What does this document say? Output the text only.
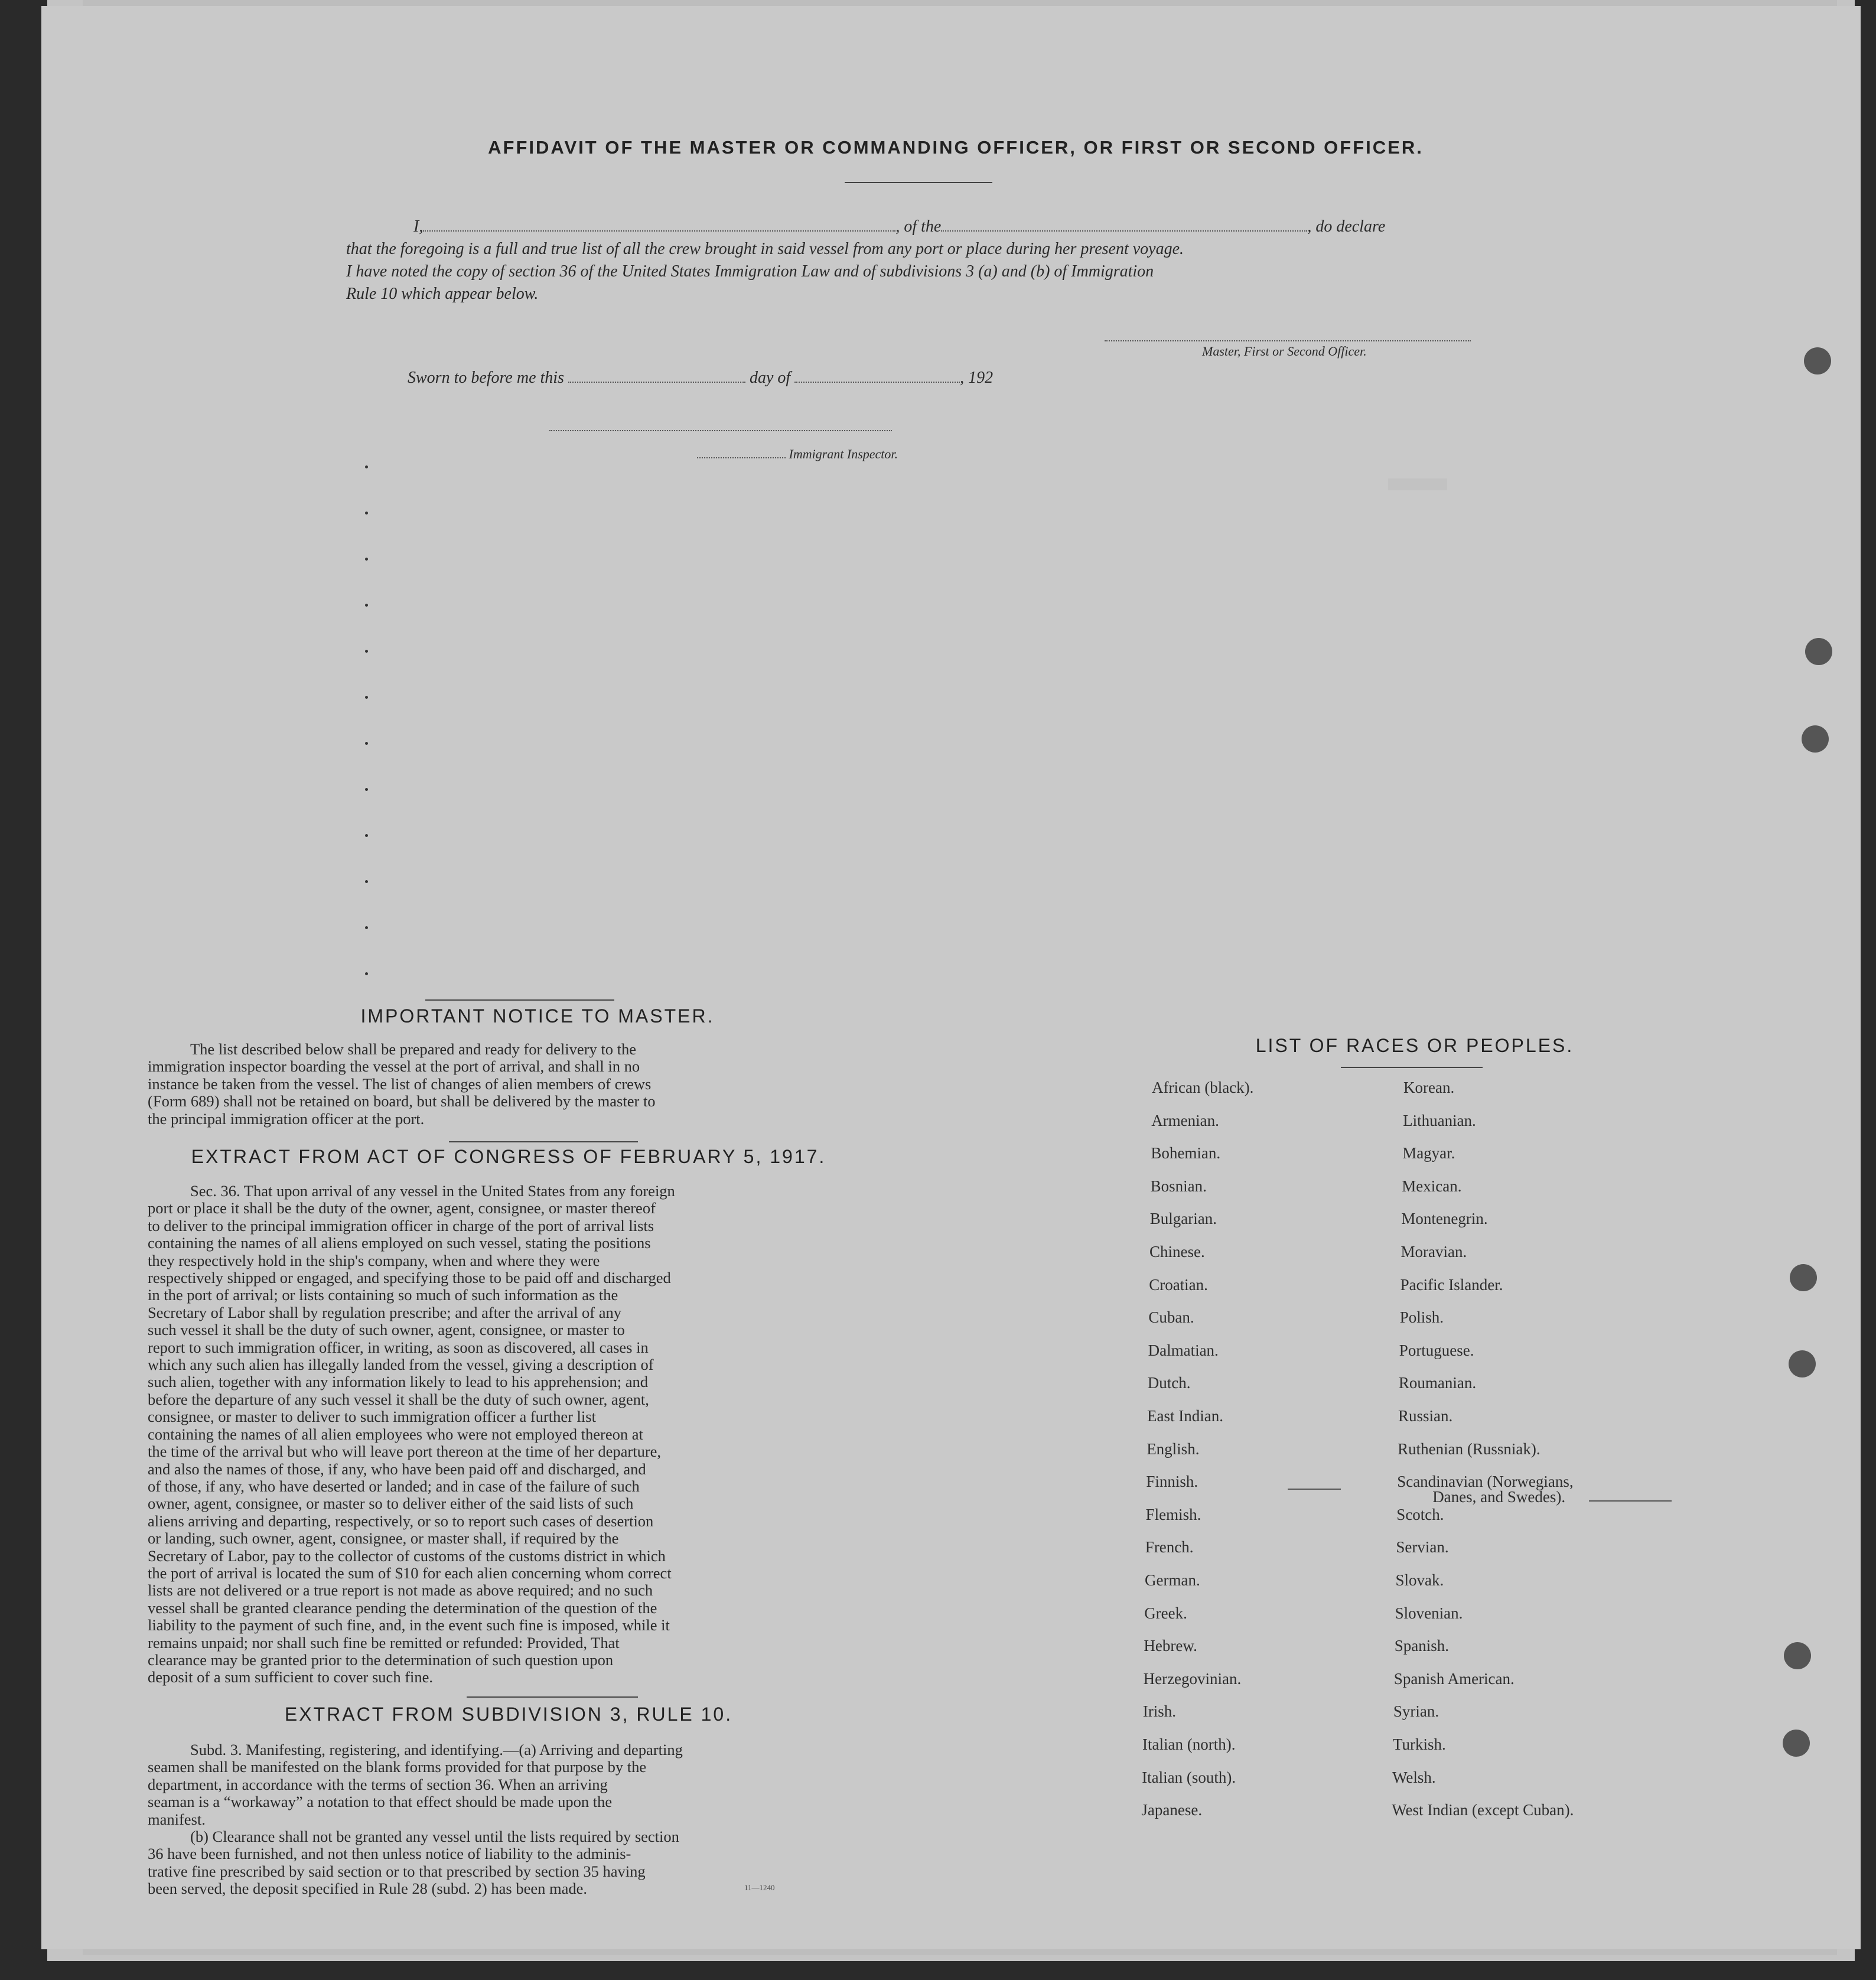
AFFIDAVIT OF THE MASTER OR COMMANDING OFFICER, OR FIRST OR SECOND OFFICER.
I,	, of the	, do declare
that the foregoing is a full and true list of all the crew brought in said vessel from any port or place during her present voyage.
I have noted the copy of section 36 of the United States Immigration Law and of subdivisions 3 (a) and (b) of Immigration
Rule 10 which appear below.
Master, First or Second Officer.
Sworn to before me this	day of	, 192
Immigrant Inspector.
IMPORTANT NOTICE TO MASTER.
The list described below shall be prepared and ready for delivery to the
immigration inspector boarding the vessel at the port of arrival, and shall in no
instance be taken from the vessel. The list of changes of alien members of crews
(Form 689) shall not be retained on board, but shall be delivered by the master to
the principal immigration officer at the port.
EXTRACT FROM ACT OF CONGRESS OF FEBRUARY 5, 1917.
Sec. 36. That upon arrival of any vessel in the United States from any foreign
port or place it shall be the duty of the owner, agent, consignee, or master thereof
to deliver to the principal immigration officer in charge of the port of arrival lists
containing the names of all aliens employed on such vessel, stating the positions
they respectively hold in the ship's company, when and where they were
respectively shipped or engaged, and specifying those to be paid off and discharged
in the port of arrival; or lists containing so much of such information as the
Secretary of Labor shall by regulation prescribe; and after the arrival of any
such vessel it shall be the duty of such owner, agent, consignee, or master to
report to such immigration officer, in writing, as soon as discovered, all cases in
which any such alien has illegally landed from the vessel, giving a description of
such alien, together with any information likely to lead to his apprehension; and
before the departure of any such vessel it shall be the duty of such owner, agent,
consignee, or master to deliver to such immigration officer a further list
containing the names of all alien employees who were not employed thereon at
the time of the arrival but who will leave port thereon at the time of her departure,
and also the names of those, if any, who have been paid off and discharged, and
of those, if any, who have deserted or landed; and in case of the failure of such
owner, agent, consignee, or master so to deliver either of the said lists of such
aliens arriving and departing, respectively, or so to report such cases of desertion
or landing, such owner, agent, consignee, or master shall, if required by the
Secretary of Labor, pay to the collector of customs of the customs district in which
the port of arrival is located the sum of $10 for each alien concerning whom correct
lists are not delivered or a true report is not made as above required; and no such
vessel shall be granted clearance pending the determination of the question of the
liability to the payment of such fine, and, in the event such fine is imposed, while it
remains unpaid; nor shall such fine be remitted or refunded: Provided, That
clearance may be granted prior to the determination of such question upon
deposit of a sum sufficient to cover such fine.
EXTRACT FROM SUBDIVISION 3, RULE 10.
Subd. 3. Manifesting, registering, and identifying.—(a) Arriving and departing
seamen shall be manifested on the blank forms provided for that purpose by the
department, in accordance with the terms of section 36. When an arriving
seaman is a “workaway” a notation to that effect should be made upon the
manifest.
(b) Clearance shall not be granted any vessel until the lists required by section
36 have been furnished, and not then unless notice of liability to the adminis-
trative fine prescribed by said section or to that prescribed by section 35 having
been served, the deposit specified in Rule 28 (subd. 2) has been made.	11—1240
LIST OF RACES OR PEOPLES.
African (black).
Armenian.
Bohemian.
Bosnian.
Bulgarian.
Chinese.
Croatian.
Cuban.
Dalmatian.
Dutch.
East Indian.
English.
Finnish.
Flemish.
French.
German.
Greek.
Hebrew.
Herzegovinian.
Irish.
Italian (north).
Italian (south).
Japanese.
Korean.
Lithuanian.
Magyar.
Mexican.
Montenegrin.
Moravian.
Pacific Islander.
Polish.
Portuguese.
Roumanian.
Russian.
Ruthenian (Russniak).
Scandinavian (Norwegians,
Danes, and Swedes).
Scotch.
Servian.
Slovak.
Slovenian.
Spanish.
Spanish American.
Syrian.
Turkish.
Welsh.
West Indian (except Cuban).
